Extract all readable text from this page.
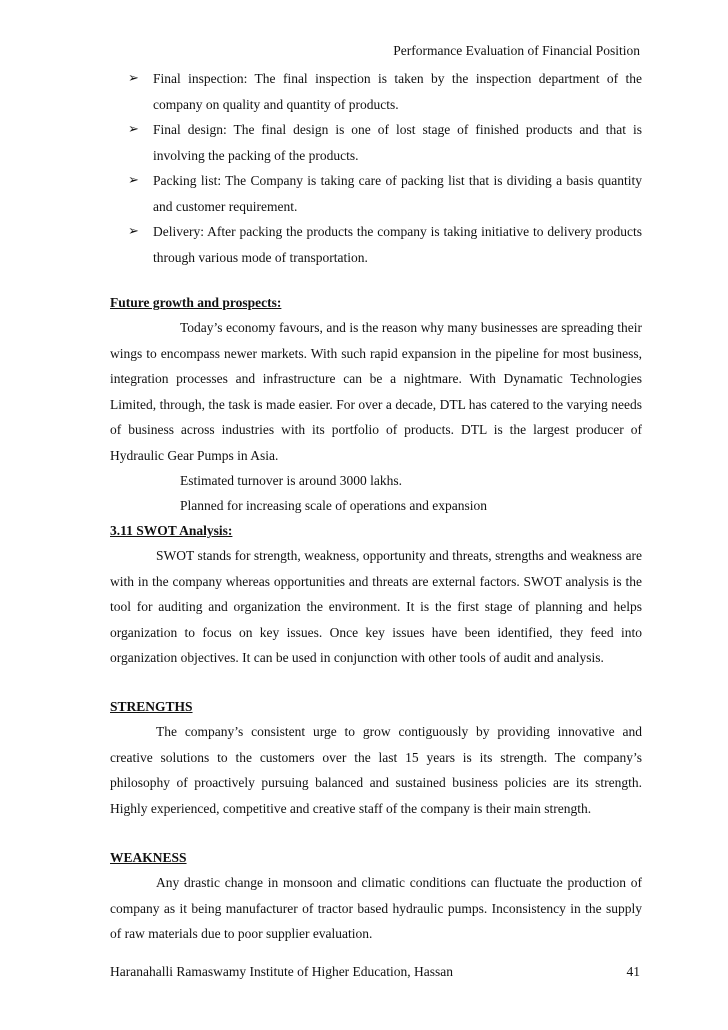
Performance Evaluation of Financial Position
➢ Final inspection: The final inspection is taken by the inspection department of the company on quality and quantity of products.
➢ Final design: The final design is one of lost stage of finished products and that is involving the packing of the products.
➢ Packing list: The Company is taking care of packing list that is dividing a basis quantity and customer requirement.
➢ Delivery: After packing the products the company is taking initiative to delivery products through various mode of transportation.

Future growth and prospects:

Today’s economy favours, and is the reason why many businesses are spreading their wings to encompass newer markets. With such rapid expansion in the pipeline for most business, integration processes and infrastructure can be a nightmare. With Dynamatic Technologies Limited, through, the task is made easier. For over a decade, DTL has catered to the varying needs of business across industries with its portfolio of products. DTL is the largest producer of Hydraulic Gear Pumps in Asia.

Estimated turnover is around 3000 lakhs.

Planned for increasing scale of operations and expansion

3.11 SWOT Analysis:

SWOT stands for strength, weakness, opportunity and threats, strengths and weakness are with in the company whereas opportunities and threats are external factors. SWOT analysis is the tool for auditing and organization the environment. It is the first stage of planning and helps organization to focus on key issues. Once key issues have been identified, they feed into organization objectives. It can be used in conjunction with other tools of audit and analysis.

STRENGTHS

The company’s consistent urge to grow contiguously by providing innovative and creative solutions to the customers over the last 15 years is its strength. The company’s philosophy of proactively pursuing balanced and sustained business policies are its strength. Highly experienced, competitive and creative staff of the company is their main strength.

WEAKNESS

Any drastic change in monsoon and climatic conditions can fluctuate the production of company as it being manufacturer of tractor based hydraulic pumps. Inconsistency in the supply of raw materials due to poor supplier evaluation.

Haranahalli Ramaswamy Institute of Higher Education, Hassan	41
